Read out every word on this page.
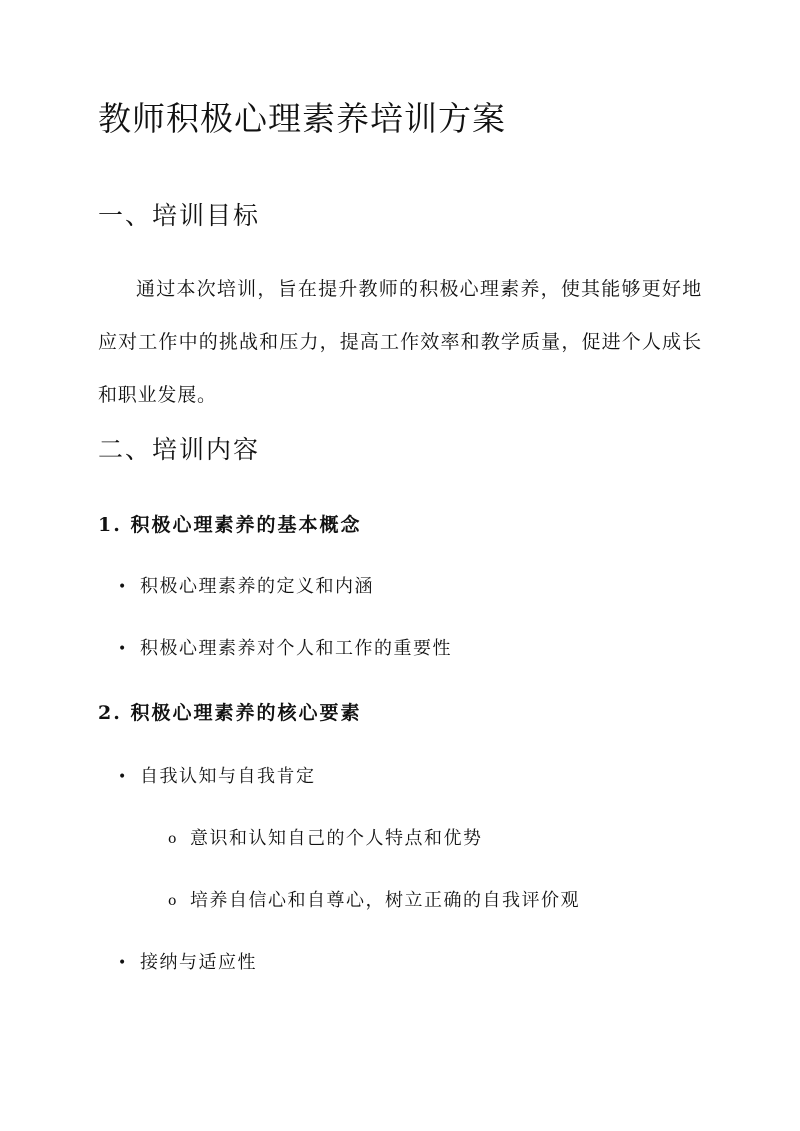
教师积极心理素养培训方案
一、培训目标

通过本次培训，旨在提升教师的积极心理素养，使其能够更好地应对工作中的挑战和压力，提高工作效率和教学质量，促进个人成长和职业发展。

二、培训内容
1. 积极心理素养的基本概念
• 积极心理素养的定义和内涵
• 积极心理素养对个人和工作的重要性
2. 积极心理素养的核心要素
• 自我认知与自我肯定
o 意识和认知自己的个人特点和优势
o 培养自信心和自尊心，树立正确的自我评价观
• 接纳与适应性
